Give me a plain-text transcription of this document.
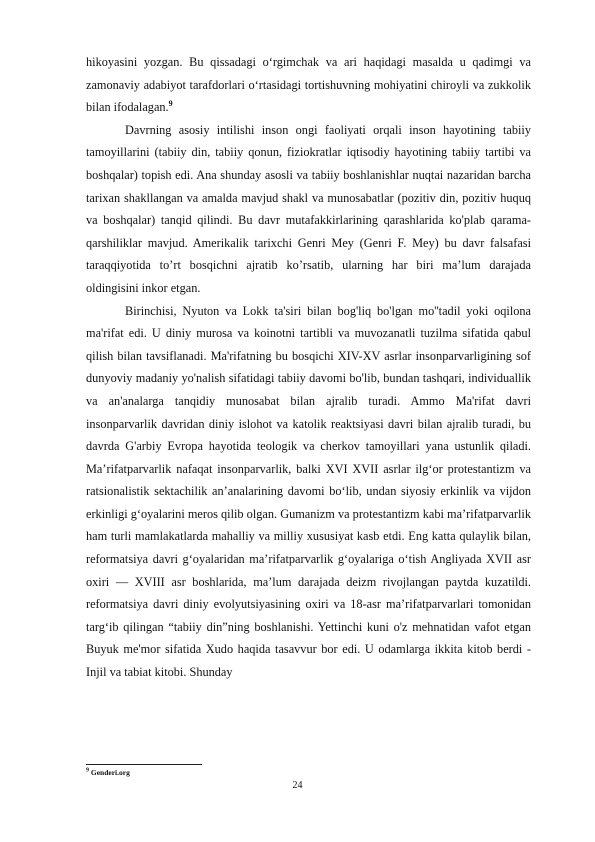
hikoyasini yozgan. Bu qissadagi o‘rgimchak va ari haqidagi masalda u qadimgi va zamonaviy adabiyot tarafdorlari o‘rtasidagi tortishuvning mohiyatini chiroyli va zukkolik bilan ifodalagan.$^9$

Davrning asosiy intilishi inson ongi faoliyati orqali inson hayotining tabiiy tamoyillarini (tabiiy din, tabiiy qonun, fiziokratlar iqtisodiy hayotining tabiiy tartibi va boshqalar) topish edi. Ana shunday asosli va tabiiy boshlanishlar nuqtai nazaridan barcha tarixan shakllangan va amalda mavjud shakl va munosabatlar (pozitiv din, pozitiv huquq va boshqalar) tanqid qilindi. Bu davr mutafakkirlarining qarashlarida ko'plab qarama-qarshiliklar mavjud. Amerikalik tarixchi Genri Mey (Genri F. Mey) bu davr falsafasi taraqqiyotida to’rt bosqichni ajratib ko’rsatib, ularning har biri ma’lum darajada oldingisini inkor etgan.

Birinchisi, Nyuton va Lokk ta'siri bilan bog'liq bo'lgan mo''tadil yoki oqilona ma'rifat edi. U diniy murosa va koinotni tartibli va muvozanatli tuzilma sifatida qabul qilish bilan tavsiflanadi. Ma'rifatning bu bosqichi XIV-XV asrlar insonparvarligining sof dunyoviy madaniy yo'nalish sifatidagi tabiiy davomi bo'lib, bundan tashqari, individuallik va an'analarga tanqidiy munosabat bilan ajralib turadi. Ammo Ma'rifat davri insonparvarlik davridan diniy islohot va katolik reaktsiyasi davri bilan ajralib turadi, bu davrda G'arbiy Evropa hayotida teologik va cherkov tamoyillari yana ustunlik qiladi. Ma’rifatparvarlik nafaqat insonparvarlik, balki XVI XVII asrlar ilg‘or protestantizm va ratsionalistik sektachilik an’analarining davomi bo‘lib, undan siyosiy erkinlik va vijdon erkinligi g‘oyalarini meros qilib olgan. Gumanizm va protestantizm kabi ma’rifatparvarlik ham turli mamlakatlarda mahalliy va milliy xususiyat kasb etdi. Eng katta qulaylik bilan, reformatsiya davri g‘oyalaridan ma’rifatparvarlik g‘oyalariga o‘tish Angliyada XVII asr oxiri — XVIII asr boshlarida, ma’lum darajada deizm rivojlangan paytda kuzatildi. reformatsiya davri diniy evolyutsiyasining oxiri va 18-asr ma’rifatparvarlari tomonidan targ‘ib qilingan “tabiiy din”ning boshlanishi. Yettinchi kuni o'z mehnatidan vafot etgan Buyuk me'mor sifatida Xudo haqida tasavvur bor edi. U odamlarga ikkita kitob berdi - Injil va tabiat kitobi. Shunday

$^9$ Genderi.org
24
